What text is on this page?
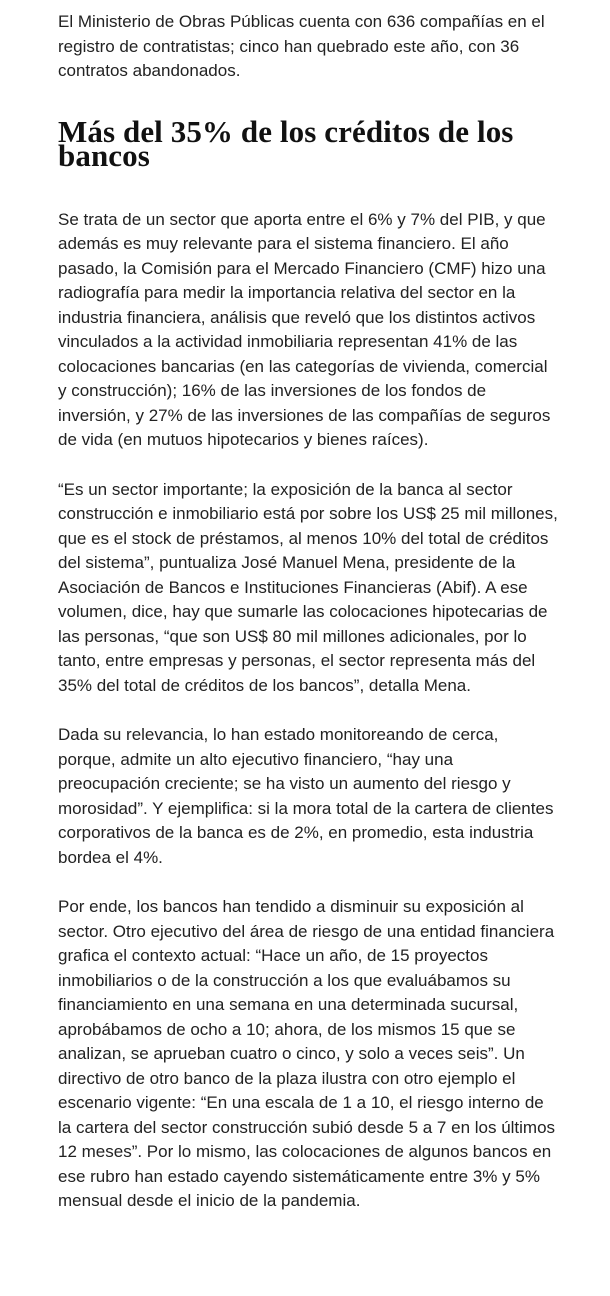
El Ministerio de Obras Públicas cuenta con 636 compañías en el registro de contratistas; cinco han quebrado este año, con 36 contratos abandonados.

Más del 35% de los créditos de los bancos

Se trata de un sector que aporta entre el 6% y 7% del PIB, y que además es muy relevante para el sistema financiero. El año pasado, la Comisión para el Mercado Financiero (CMF) hizo una radiografía para medir la importancia relativa del sector en la industria financiera, análisis que reveló que los distintos activos vinculados a la actividad inmobiliaria representan 41% de las colocaciones bancarias (en las categorías de vivienda, comercial y construcción); 16% de las inversiones de los fondos de inversión, y 27% de las inversiones de las compañías de seguros de vida (en mutuos hipotecarios y bienes raíces).

“Es un sector importante; la exposición de la banca al sector construcción e inmobiliario está por sobre los US$ 25 mil millones, que es el stock de préstamos, al menos 10% del total de créditos del sistema”, puntualiza José Manuel Mena, presidente de la Asociación de Bancos e Instituciones Financieras (Abif). A ese volumen, dice, hay que sumarle las colocaciones hipotecarias de las personas, “que son US$ 80 mil millones adicionales, por lo tanto, entre empresas y personas, el sector representa más del 35% del total de créditos de los bancos”, detalla Mena.

Dada su relevancia, lo han estado monitoreando de cerca, porque, admite un alto ejecutivo financiero, “hay una preocupación creciente; se ha visto un aumento del riesgo y morosidad”. Y ejemplifica: si la mora total de la cartera de clientes corporativos de la banca es de 2%, en promedio, esta industria bordea el 4%.

Por ende, los bancos han tendido a disminuir su exposición al sector. Otro ejecutivo del área de riesgo de una entidad financiera grafica el contexto actual: “Hace un año, de 15 proyectos inmobiliarios o de la construcción a los que evaluábamos su financiamiento en una semana en una determinada sucursal, aprobábamos de ocho a 10; ahora, de los mismos 15 que se analizan, se aprueban cuatro o cinco, y solo a veces seis”. Un directivo de otro banco de la plaza ilustra con otro ejemplo el escenario vigente: “En una escala de 1 a 10, el riesgo interno de la cartera del sector construcción subió desde 5 a 7 en los últimos 12 meses”. Por lo mismo, las colocaciones de algunos bancos en ese rubro han estado cayendo sistemáticamente entre 3% y 5% mensual desde el inicio de la pandemia.
